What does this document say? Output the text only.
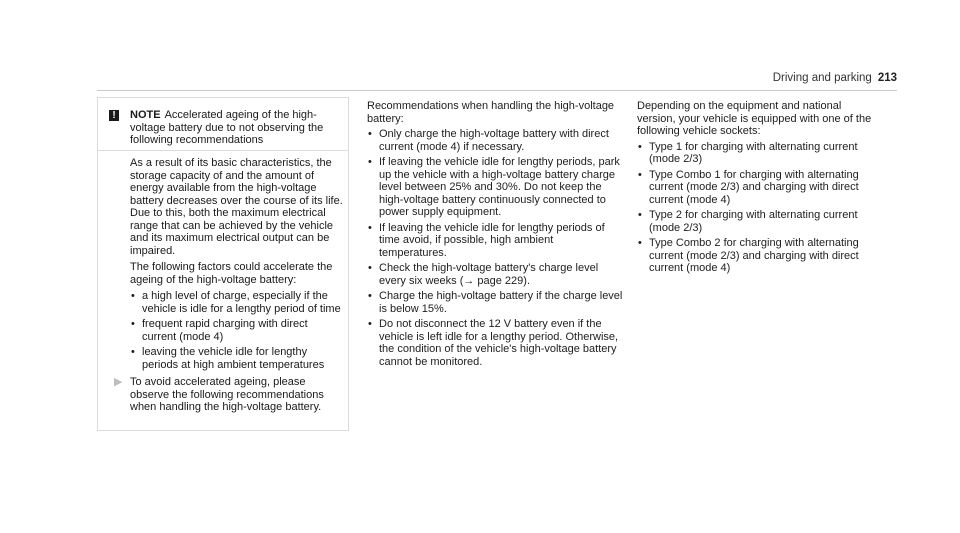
Driving and parking 213
!	NOTE Accelerated ageing of the high-voltage battery due to not observing the following recommendations

As a result of its basic characteristics, the storage capacity of and the amount of energy available from the high-voltage battery decreases over the course of its life. Due to this, both the maximum electrical range that can be achieved by the vehicle and its maximum electrical output can be impaired.

The following factors could accelerate the ageing of the high-voltage battery:

• a high level of charge, especially if the vehicle is idle for a lengthy period of time
• frequent rapid charging with direct current (mode 4)
• leaving the vehicle idle for lengthy periods at high ambient temperatures
▶ To avoid accelerated ageing, please observe the following recommendations when handling the high-voltage battery.

Recommendations when handling the high-voltage battery:

• Only charge the high-voltage battery with direct current (mode 4) if necessary.
• If leaving the vehicle idle for lengthy periods, park up the vehicle with a high-voltage battery charge level between 25% and 30%. Do not keep the high-voltage battery continuously connected to power supply equipment.
• If leaving the vehicle idle for lengthy periods of time avoid, if possible, high ambient temperatures.
• Check the high-voltage battery's charge level every six weeks (→ page 229).
• Charge the high-voltage battery if the charge level is below 15%.
• Do not disconnect the 12 V battery even if the vehicle is left idle for a lengthy period. Otherwise, the condition of the vehicle's high-voltage battery cannot be monitored.

Depending on the equipment and national version, your vehicle is equipped with one of the following vehicle sockets:

• Type 1 for charging with alternating current (mode 2/3)
• Type Combo 1 for charging with alternating current (mode 2/3) and charging with direct current (mode 4)
• Type 2 for charging with alternating current (mode 2/3)
• Type Combo 2 for charging with alternating current (mode 2/3) and charging with direct current (mode 4)
